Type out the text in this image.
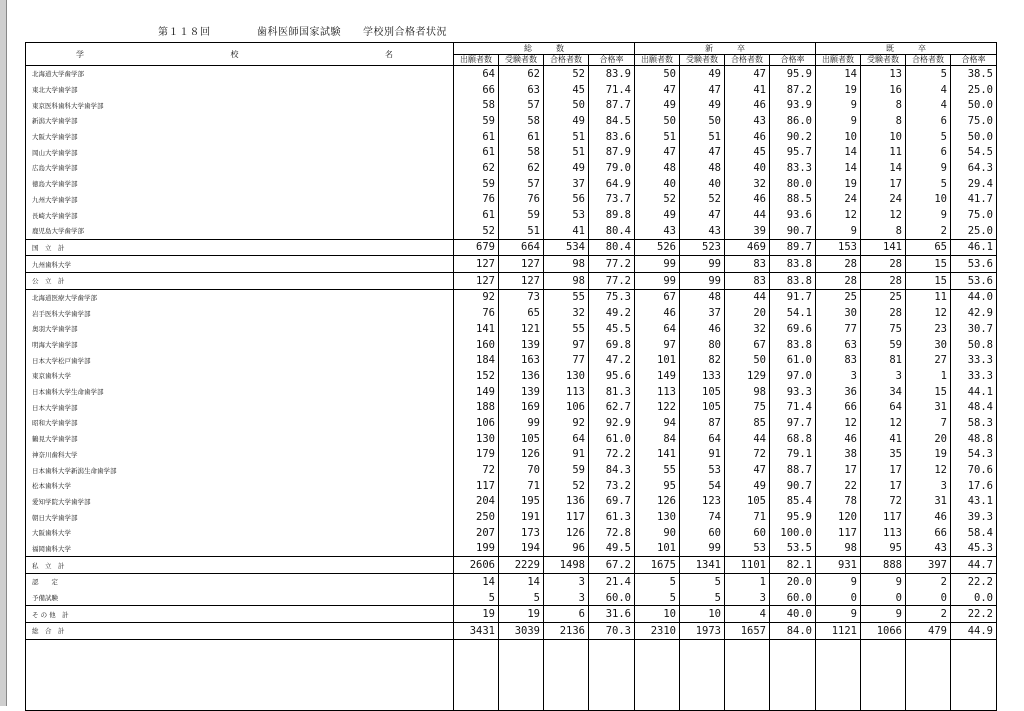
第１１８回	歯科医師国家試験 学校別合格者状況
学 校 名	総　　　数				新　　　卒				既　　　卒			
	出願者数	受験者数	合格者数	合格率	出願者数	受験者数	合格者数	合格率	出願者数	受験者数	合格者数	合格率
北海道大学歯学部	64	62	52	83.9	50	49	47	95.9	14	13	5	38.5
東北大学歯学部	66	63	45	71.4	47	47	41	87.2	19	16	4	25.0
東京医科歯科大学歯学部	58	57	50	87.7	49	49	46	93.9	9	8	4	50.0
新潟大学歯学部	59	58	49	84.5	50	50	43	86.0	9	8	6	75.0
大阪大学歯学部	61	61	51	83.6	51	51	46	90.2	10	10	5	50.0
岡山大学歯学部	61	58	51	87.9	47	47	45	95.7	14	11	6	54.5
広島大学歯学部	62	62	49	79.0	48	48	40	83.3	14	14	9	64.3
徳島大学歯学部	59	57	37	64.9	40	40	32	80.0	19	17	5	29.4
九州大学歯学部	76	76	56	73.7	52	52	46	88.5	24	24	10	41.7
長崎大学歯学部	61	59	53	89.8	49	47	44	93.6	12	12	9	75.0
鹿児島大学歯学部	52	51	41	80.4	43	43	39	90.7	9	8	2	25.0
国　立　計	679	664	534	80.4	526	523	469	89.7	153	141	65	46.1
九州歯科大学	127	127	98	77.2	99	99	83	83.8	28	28	15	53.6
公　立　計	127	127	98	77.2	99	99	83	83.8	28	28	15	53.6
北海道医療大学歯学部	92	73	55	75.3	67	48	44	91.7	25	25	11	44.0
岩手医科大学歯学部	76	65	32	49.2	46	37	20	54.1	30	28	12	42.9
奥羽大学歯学部	141	121	55	45.5	64	46	32	69.6	77	75	23	30.7
明海大学歯学部	160	139	97	69.8	97	80	67	83.8	63	59	30	50.8
日本大学松戸歯学部	184	163	77	47.2	101	82	50	61.0	83	81	27	33.3
東京歯科大学	152	136	130	95.6	149	133	129	97.0	3	3	1	33.3
日本歯科大学生命歯学部	149	139	113	81.3	113	105	98	93.3	36	34	15	44.1
日本大学歯学部	188	169	106	62.7	122	105	75	71.4	66	64	31	48.4
昭和大学歯学部	106	99	92	92.9	94	87	85	97.7	12	12	7	58.3
鶴見大学歯学部	130	105	64	61.0	84	64	44	68.8	46	41	20	48.8
神奈川歯科大学	179	126	91	72.2	141	91	72	79.1	38	35	19	54.3
日本歯科大学新潟生命歯学部	72	70	59	84.3	55	53	47	88.7	17	17	12	70.6
松本歯科大学	117	71	52	73.2	95	54	49	90.7	22	17	3	17.6
愛知学院大学歯学部	204	195	136	69.7	126	123	105	85.4	78	72	31	43.1
朝日大学歯学部	250	191	117	61.3	130	74	71	95.9	120	117	46	39.3
大阪歯科大学	207	173	126	72.8	90	60	60	100.0	117	113	66	58.4
福岡歯科大学	199	194	96	49.5	101	99	53	53.5	98	95	43	45.3
私　立　計	2606	2229	1498	67.2	1675	1341	1101	82.1	931	888	397	44.7
認　　定	14	14	3	21.4	5	5	1	20.0	9	9	2	22.2
予備試験	5	5	3	60.0	5	5	3	60.0	0	0	0	0.0
そ の 他　計	19	19	6	31.6	10	10	4	40.0	9	9	2	22.2
総　合　計	3431	3039	2136	70.3	2310	1973	1657	84.0	1121	1066	479	44.9
